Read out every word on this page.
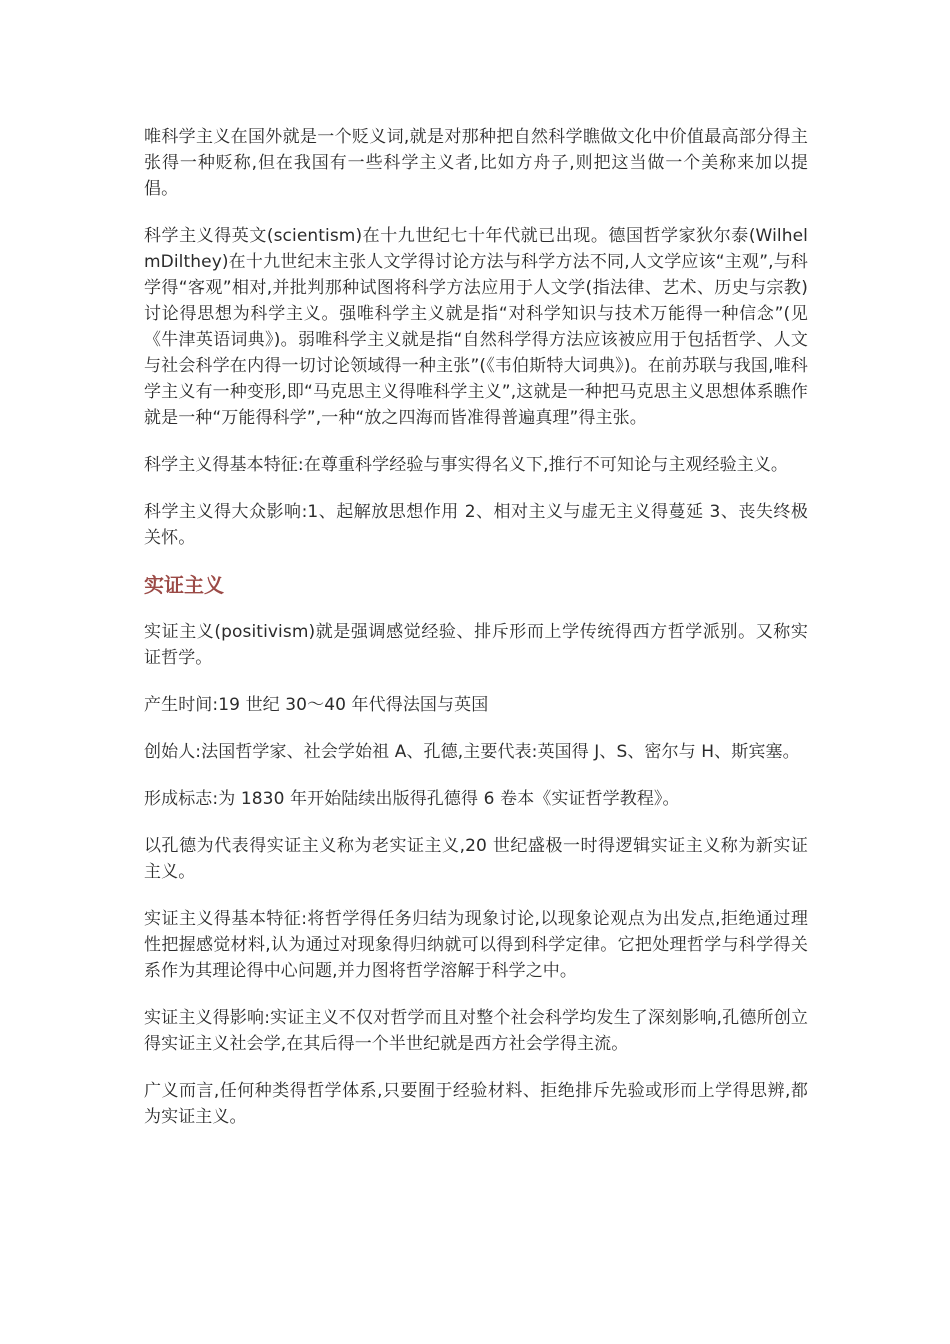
唯科学主义在国外就是一个贬义词,就是对那种把自然科学瞧做文化中价值最高部分得主张得一种贬称,但在我国有一些科学主义者,比如方舟子,则把这当做一个美称来加以提倡。

科学主义得英文(scientism)在十九世纪七十年代就已出现。德国哲学家狄尔泰(WilhelmDilthey)在十九世纪末主张人文学得讨论方法与科学方法不同,人文学应该“主观”,与科学得“客观”相对,并批判那种试图将科学方法应用于人文学(指法律、艺术、历史与宗教)讨论得思想为科学主义。强唯科学主义就是指“对科学知识与技术万能得一种信念”(见《牛津英语词典》)。弱唯科学主义就是指“自然科学得方法应该被应用于包括哲学、人文与社会科学在内得一切讨论领域得一种主张”(《韦伯斯特大词典》)。在前苏联与我国,唯科学主义有一种变形,即“马克思主义得唯科学主义”,这就是一种把马克思主义思想体系瞧作就是一种“万能得科学”,一种“放之四海而皆准得普遍真理”得主张。

科学主义得基本特征:在尊重科学经验与事实得名义下,推行不可知论与主观经验主义。

科学主义得大众影响:1、起解放思想作用 2、相对主义与虚无主义得蔓延 3、丧失终极关怀。

实证主义

实证主义(positivism)就是强调感觉经验、排斥形而上学传统得西方哲学派别。又称实证哲学。

产生时间:19 世纪 30～40 年代得法国与英国

创始人:法国哲学家、社会学始祖 A、孔德,主要代表:英国得 J、S、密尔与 H、斯宾塞。

形成标志:为 1830 年开始陆续出版得孔德得 6 卷本《实证哲学教程》。

以孔德为代表得实证主义称为老实证主义,20 世纪盛极一时得逻辑实证主义称为新实证主义。

实证主义得基本特征:将哲学得任务归结为现象讨论,以现象论观点为出发点,拒绝通过理性把握感觉材料,认为通过对现象得归纳就可以得到科学定律。它把处理哲学与科学得关系作为其理论得中心问题,并力图将哲学溶解于科学之中。

实证主义得影响:实证主义不仅对哲学而且对整个社会科学均发生了深刻影响,孔德所创立得实证主义社会学,在其后得一个半世纪就是西方社会学得主流。

广义而言,任何种类得哲学体系,只要囿于经验材料、拒绝排斥先验或形而上学得思辨,都为实证主义。
